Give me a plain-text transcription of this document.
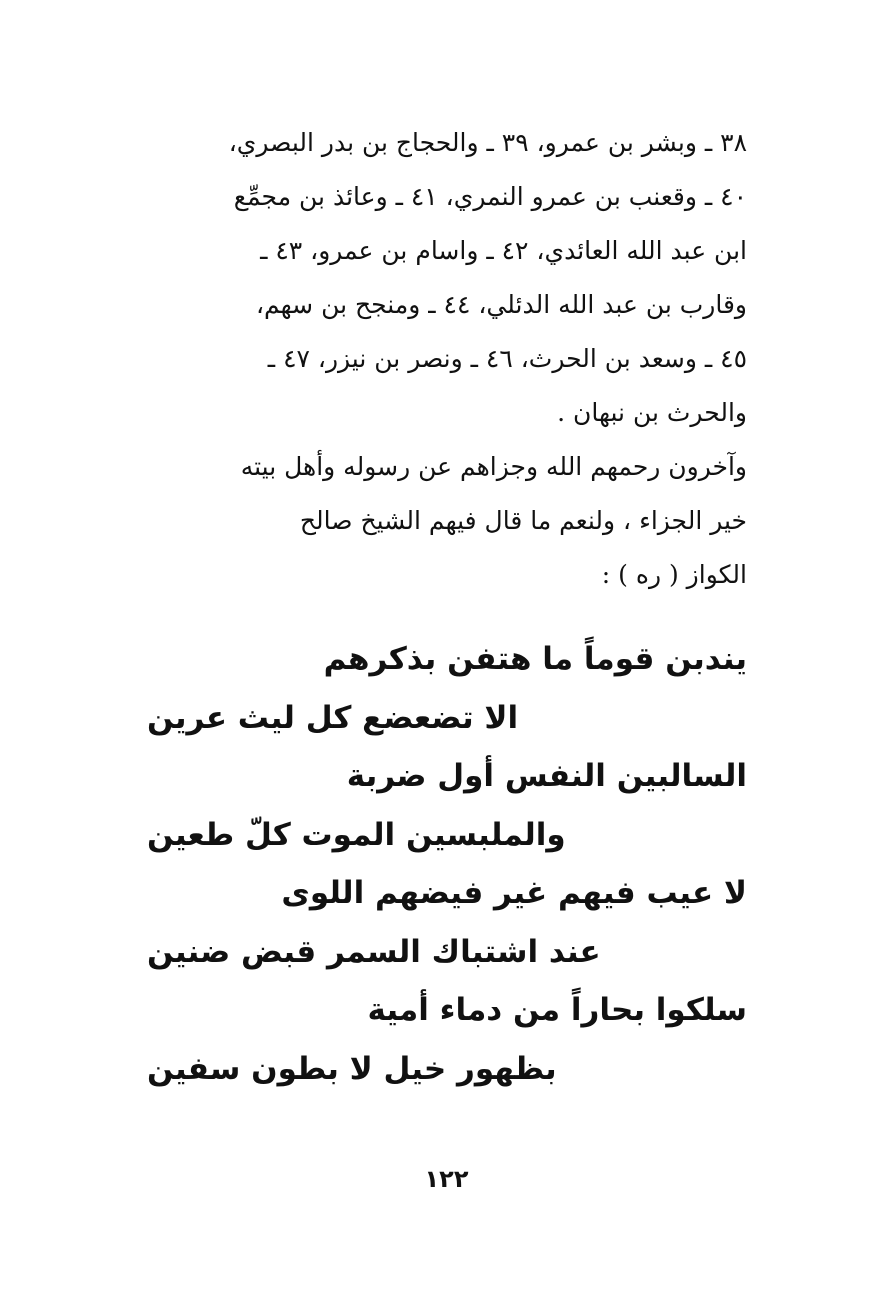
٣٨ ـ وبشر بن عمرو، ٣٩ ـ والحجاج بن بدر البصري،
٤٠ ـ وقعنب بن عمرو النمري، ٤١ ـ وعائذ بن مجمِّع
ابن عبد الله العائدي، ٤٢ ـ واسام بن عمرو، ٤٣ ـ
وقارب بن عبد الله الدئلي، ٤٤ ـ ومنجح بن سهم،
٤٥ ـ وسعد بن الحرث، ٤٦ ـ ونصر بن نيزر، ٤٧ ـ
والحرث بن نبهان .
وآخرون رحمهم الله وجزاهم عن رسوله وأهل بيته
خير الجزاء ، ولنعم ما قال فيهم الشيخ صالح
الكواز ( ره ) :
يندبن قوماً ما هتفن بذكرهم
الا تضعضع كل ليث عرين
السالبين النفس أول ضربة
والملبسين الموت كلّ طعين
لا عيب فيهم غير فيضهم اللوى
عند اشتباك السمر قبض ضنين
سلكوا بحاراً من دماء أمية
بظهور خيل لا بطون سفين
١٢٢
